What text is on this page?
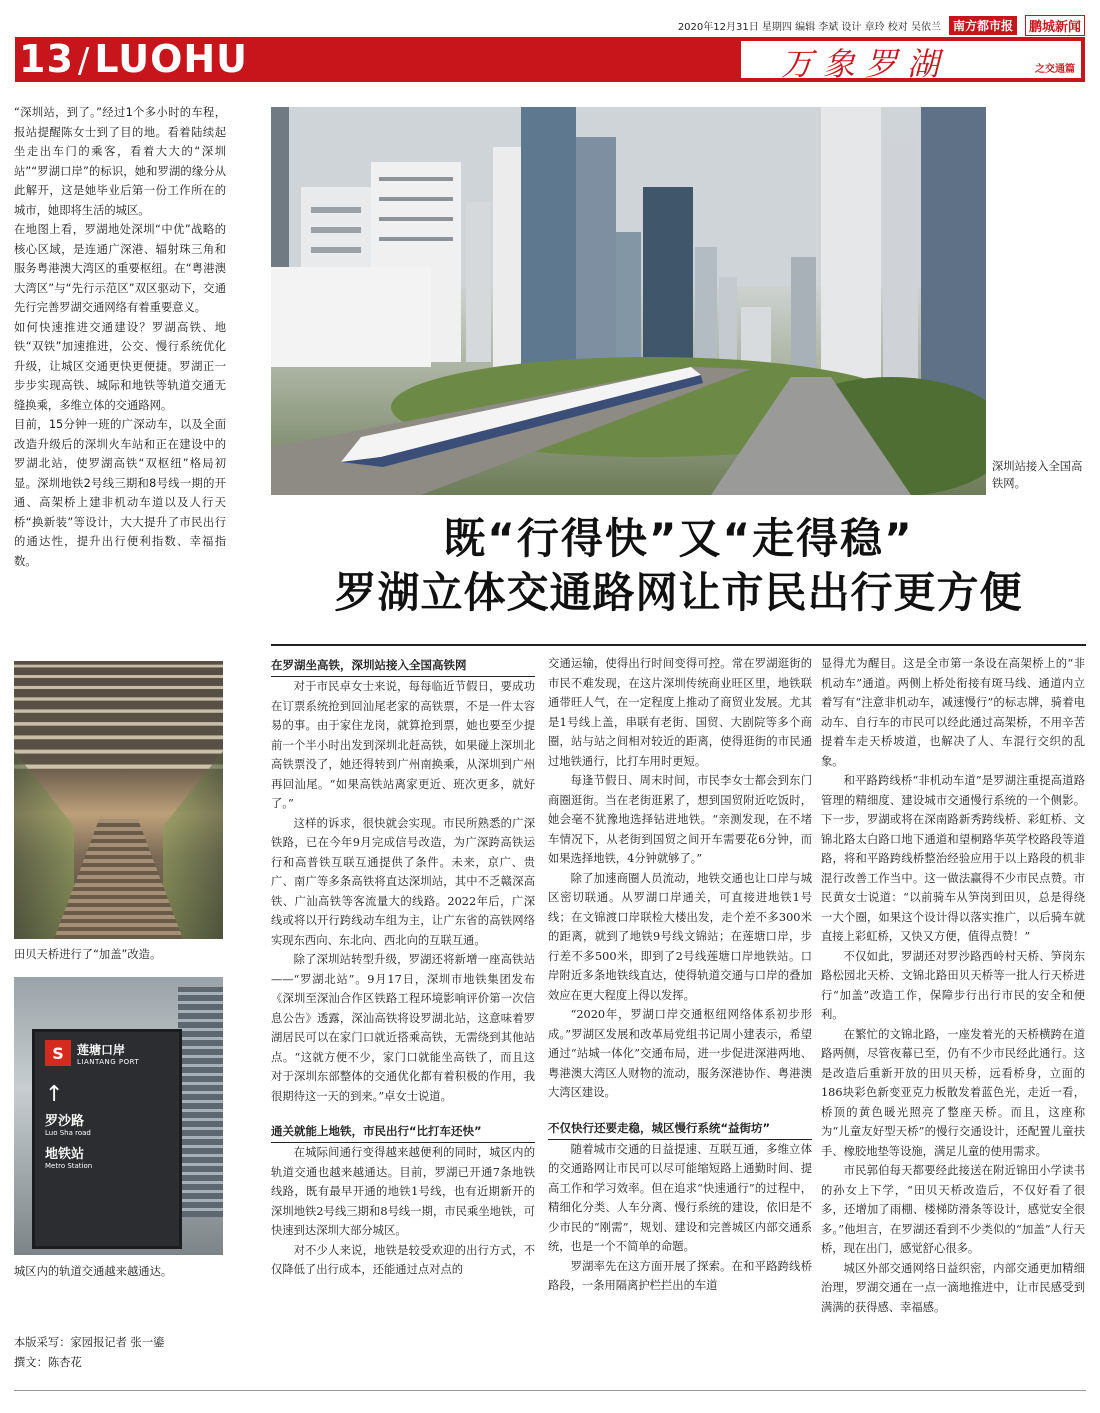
2020年12月31日 星期四 编辑 李斌 设计 章玲 校对 吴依兰	南方都市报	鹏城新闻
13 / LUOHU	万象罗湖	之交通篇

“深圳站，到了。”经过1个多小时的车程，报站提醒陈女士到了目的地。看着陆续起坐走出车门的乘客，看着大大的“深圳站”“罗湖口岸”的标识，她和罗湖的缘分从此解开，这是她毕业后第一份工作所在的城市，她即将生活的城区。

在地图上看，罗湖地处深圳“中优”战略的核心区域，是连通广深港、辐射珠三角和服务粤港澳大湾区的重要枢纽。在“粤港澳大湾区”与“先行示范区”双区驱动下，交通先行完善罗湖交通网络有着重要意义。

如何快速推进交通建设？罗湖高铁、地铁“双铁”加速推进，公交、慢行系统优化升级，让城区交通更快更便捷。罗湖正一步步实现高铁、城际和地铁等轨道交通无缝换乘，多维立体的交通路网。

目前，15分钟一班的广深动车，以及全面改造升级后的深圳火车站和正在建设中的罗湖北站，使罗湖高铁“双枢纽”格局初显。深圳地铁2号线三期和8号线一期的开通、高架桥上建非机动车道以及人行天桥“换新装”等设计，大大提升了市民出行的通达性，提升出行便利指数、幸福指数。

田贝天桥进行了“加盖”改造。
S	莲塘口岸
LIANTANG PORT
↑
罗沙路
Luo Sha road
地铁站
Metro Station
城区内的轨道交通越来越通达。
本版采写：家园报记者 张一鎏
撰文：陈杏花
深圳站接入全国高铁网。
既“行得快”又“走得稳”
罗湖立体交通路网让市民出行更方便

在罗湖坐高铁，深圳站接入全国高铁网

对于市民卓女士来说，每每临近节假日，要成功在订票系统抢到回汕尾老家的高铁票，不是一件太容易的事。由于家住龙岗，就算抢到票，她也要至少提前一个半小时出发到深圳北赶高铁，如果碰上深圳北高铁票没了，她还得转到广州南换乘，从深圳到广州再回汕尾。“如果高铁站离家更近、班次更多，就好了。”

这样的诉求，很快就会实现。市民所熟悉的广深铁路，已在今年9月完成信号改造，为广深跨高铁运行和高普铁互联互通提供了条件。未来，京广、贵广、南广等多条高铁将直达深圳站，其中不乏赣深高铁、广汕高铁等客流量大的线路。2022年后，广深线或将以开行跨线动车组为主，让广东省的高铁网络实现东西向、东北向、西北向的互联互通。

除了深圳站转型升级，罗湖还将新增一座高铁站——“罗湖北站”。9月17日，深圳市地铁集团发布《深圳至深汕合作区铁路工程环境影响评价第一次信息公告》透露，深汕高铁将设罗湖北站，这意味着罗湖居民可以在家门口就近搭乘高铁，无需绕到其他站点。“这就方便不少，家门口就能坐高铁了，而且这对于深圳东部整体的交通优化都有着积极的作用，我很期待这一天的到来。”卓女士说道。

通关就能上地铁，市民出行“比打车还快”

在城际间通行变得越来越便利的同时，城区内的轨道交通也越来越通达。目前，罗湖已开通7条地铁线路，既有最早开通的地铁1号线，也有近期新开的深圳地铁2号线三期和8号线一期，市民乘坐地铁，可快速到达深圳大部分城区。

对不少人来说，地铁是较受欢迎的出行方式，不仅降低了出行成本，还能通过点对点的

交通运输，使得出行时间变得可控。常在罗湖逛街的市民不难发现，在这片深圳传统商业旺区里，地铁联通带旺人气，在一定程度上推动了商贸业发展。尤其是1号线上盖，串联有老街、国贸、大剧院等多个商圈，站与站之间相对较近的距离，使得逛街的市民通过地铁通行，比打车用时更短。

每逢节假日、周末时间，市民李女士都会到东门商圈逛街。当在老街逛累了，想到国贸附近吃饭时，她会毫不犹豫地选择钻进地铁。“亲测发现，在不堵车情况下，从老街到国贸之间开车需要花6分钟，而如果选择地铁，4分钟就够了。”

除了加速商圈人员流动，地铁交通也让口岸与城区密切联通。从罗湖口岸通关，可直接进地铁1号线；在文锦渡口岸联检大楼出发，走个差不多300米的距离，就到了地铁9号线文锦站；在莲塘口岸，步行差不多500米，即到了2号线莲塘口岸地铁站。口岸附近多条地铁线直达，使得轨道交通与口岸的叠加效应在更大程度上得以发挥。

“2020年，罗湖口岸交通枢纽网络体系初步形成。”罗湖区发展和改革局党组书记周小建表示，希望通过“站城一体化”交通布局，进一步促进深港两地、粤港澳大湾区人财物的流动，服务深港协作、粤港澳大湾区建设。

不仅快行还要走稳，城区慢行系统“益街坊”

随着城市交通的日益提速、互联互通，多维立体的交通路网让市民可以尽可能缩短路上通勤时间、提高工作和学习效率。但在追求“快速通行”的过程中，精细化分类、人车分离、慢行系统的建设，依旧是不少市民的“刚需”，规划、建设和完善城区内部交通系统，也是一个不简单的命题。

罗湖率先在这方面开展了探索。在和平路跨线桥路段，一条用隔离护栏拦出的车道

显得尤为醒目。这是全市第一条设在高架桥上的“非机动车”通道。两侧上桥处衔接有斑马线、通道内立着写有“注意非机动车，减速慢行”的标志牌，骑着电动车、自行车的市民可以经此通过高架桥，不用辛苦提着车走天桥坡道，也解决了人、车混行交织的乱象。

和平路跨线桥“非机动车道”是罗湖注重提高道路管理的精细度、建设城市交通慢行系统的一个侧影。下一步，罗湖或将在深南路新秀跨线桥、彩虹桥、文锦北路太白路口地下通道和望桐路华英学校路段等道路，将和平路跨线桥整治经验应用于以上路段的机非混行改善工作当中。这一做法赢得不少市民点赞。市民黄女士说道：“以前骑车从笋岗到田贝，总是得绕一大个圈，如果这个设计得以落实推广，以后骑车就直接上彩虹桥，又快又方便，值得点赞！”

不仅如此，罗湖还对罗沙路西岭村天桥、笋岗东路松园北天桥、文锦北路田贝天桥等一批人行天桥进行“加盖”改造工作，保障步行出行市民的安全和便利。

在繁忙的文锦北路，一座发着光的天桥横跨在道路两侧，尽管夜幕已至，仍有不少市民经此通行。这是改造后重新开放的田贝天桥，远看桥身，立面的186块彩色新变亚克力板散发着蓝色光，走近一看，桥顶的黄色暖光照亮了整座天桥。而且，这座称为“儿童友好型天桥”的慢行交通设计，还配置儿童扶手、橡胶地垫等设施，满足儿童的使用需求。

市民郭伯每天都要经此接送在附近锦田小学读书的孙女上下学，“田贝天桥改造后，不仅好看了很多，还增加了雨棚、楼梯防滑条等设计，感觉安全很多。”他坦言，在罗湖还看到不少类似的“加盖”人行天桥，现在出门，感觉舒心很多。

城区外部交通网络日益织密，内部交通更加精细治理，罗湖交通在一点一滴地推进中，让市民感受到满满的获得感、幸福感。
